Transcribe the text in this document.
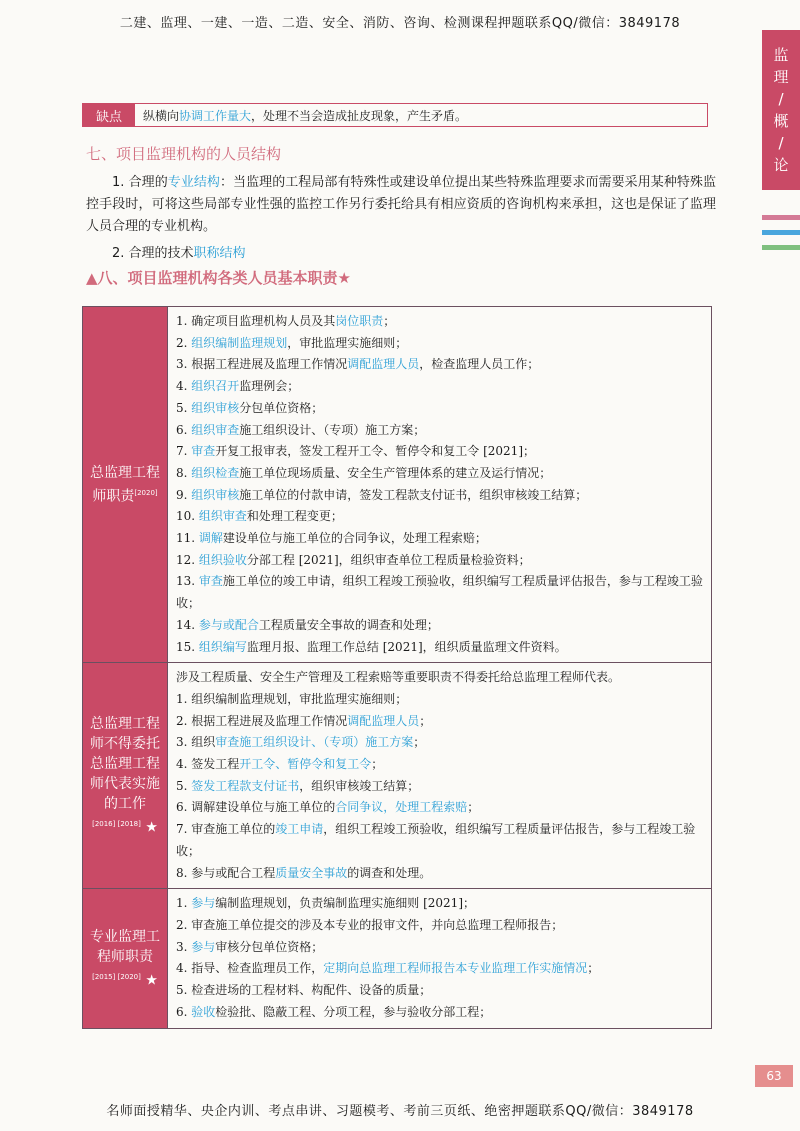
二建、监理、一建、一造、二造、安全、消防、咨询、检测课程押题联系QQ/微信：3849178
监
理
/
概
/
论
缺点	纵横向协调工作量大，处理不当会造成扯皮现象，产生矛盾。
七、项目监理机构的人员结构
1. 合理的专业结构：当监理的工程局部有特殊性或建设单位提出某些特殊监理要求而需要采用某种特殊监控手段时，可将这些局部专业性强的监控工作另行委托给具有相应资质的咨询机构来承担，这也是保证了监理人员合理的专业机构。
2. 合理的技术职称结构
▲八、项目监理机构各类人员基本职责★
总监理工程师职责[2020]
1. 确定项目监理机构人员及其岗位职责；
2. 组织编制监理规划，审批监理实施细则；
3. 根据工程进展及监理工作情况调配监理人员，检查监理人员工作；
4. 组织召开监理例会；
5. 组织审核分包单位资格；
6. 组织审查施工组织设计、（专项）施工方案；
7. 审查开复工报审表，签发工程开工令、暂停令和复工令 [2021]；
8. 组织检查施工单位现场质量、安全生产管理体系的建立及运行情况；
9. 组织审核施工单位的付款申请，签发工程款支付证书，组织审核竣工结算；
10. 组织审查和处理工程变更；
11. 调解建设单位与施工单位的合同争议，处理工程索赔；
12. 组织验收分部工程 [2021]，组织审查单位工程质量检验资料；
13. 审查施工单位的竣工申请，组织工程竣工预验收，组织编写工程质量评估报告，参与工程竣工验收；
14. 参与或配合工程质量安全事故的调查和处理；
15. 组织编写监理月报、监理工作总结 [2021]，组织质量监理文件资料。
总监理工程师不得委托总监理工程师代表实施的工作
[2016] [2018] ★
涉及工程质量、安全生产管理及工程索赔等重要职责不得委托给总监理工程师代表。
1. 组织编制监理规划，审批监理实施细则；
2. 根据工程进展及监理工作情况调配监理人员；
3. 组织审查施工组织设计、（专项）施工方案；
4. 签发工程开工令、暂停令和复工令；
5. 签发工程款支付证书，组织审核竣工结算；
6. 调解建设单位与施工单位的合同争议，处理工程索赔；
7. 审查施工单位的竣工申请，组织工程竣工预验收，组织编写工程质量评估报告，参与工程竣工验收；
8. 参与或配合工程质量安全事故的调查和处理。
专业监理工程师职责
[2015] [2020] ★
1. 参与编制监理规划，负责编制监理实施细则 [2021]；
2. 审查施工单位提交的涉及本专业的报审文件，并向总监理工程师报告；
3. 参与审核分包单位资格；
4. 指导、检查监理员工作，定期向总监理工程师报告本专业监理工作实施情况；
5. 检查进场的工程材料、构配件、设备的质量；
6. 验收检验批、隐蔽工程、分项工程，参与验收分部工程；
63
名师面授精华、央企内训、考点串讲、习题模考、考前三页纸、绝密押题联系QQ/微信：3849178
